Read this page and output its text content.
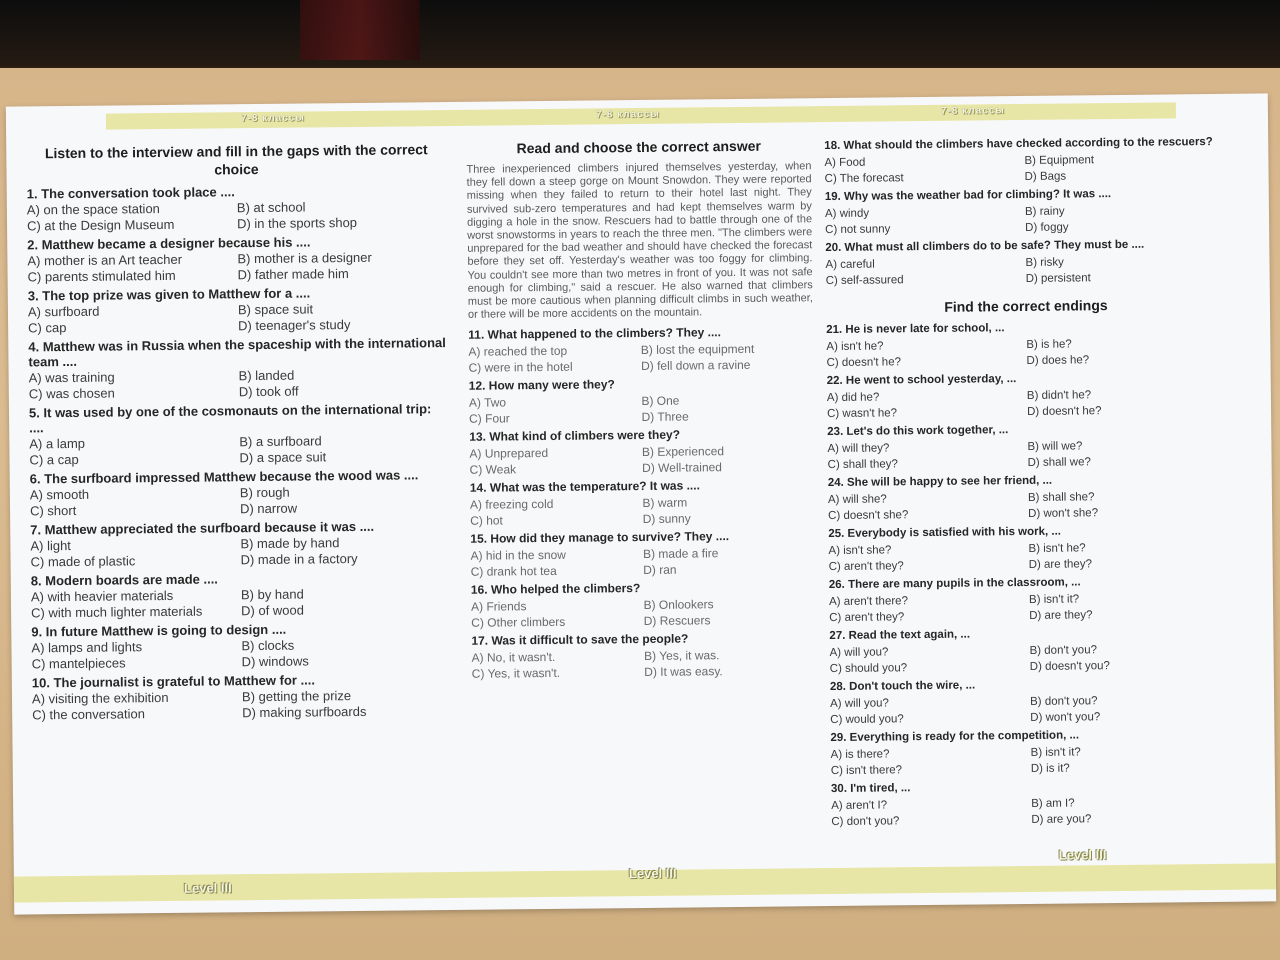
7-8 классы	7-8 классы	7-8 классы
Listen to the interview and fill in the gaps with the correct choice
1. The conversation took place ....
A) on the space station	B) at school
C) at the Design Museum	D) in the sports shop
2. Matthew became a designer because his ....
A) mother is an Art teacher	B) mother is a designer
C) parents stimulated him	D) father made him
3. The top prize was given to Matthew for a ....
A) surfboard	B) space suit
C) cap	D) teenager's study
4. Matthew was in Russia when the spaceship with the international team ....
A) was training	B) landed
C) was chosen	D) took off
5. It was used by one of the cosmonauts on the international trip: ....
A) a lamp	B) a surfboard
C) a cap	D) a space suit
6. The surfboard impressed Matthew because the wood was ....
A) smooth	B) rough
C) short	D) narrow
7. Matthew appreciated the surfboard because it was ....
A) light	B) made by hand
C) made of plastic	D) made in a factory
8. Modern boards are made ....
A) with heavier materials	B) by hand
C) with much lighter materials	D) of wood
9. In future Matthew is going to design ....
A) lamps and lights	B) clocks
C) mantelpieces	D) windows
10. The journalist is grateful to Matthew for ....
A) visiting the exhibition	B) getting the prize
C) the conversation	D) making surfboards
Read and choose the correct answer
Three inexperienced climbers injured themselves yesterday, when they fell down a steep gorge on Mount Snowdon. They were reported missing when they failed to return to their hotel last night. They survived sub-zero temperatures and had kept themselves warm by digging a hole in the snow. Rescuers had to battle through one of the worst snowstorms in years to reach the three men. "The climbers were unprepared for the bad weather and should have checked the forecast before they set off. Yesterday's weather was too foggy for climbing. You couldn't see more than two metres in front of you. It was not safe enough for climbing," said a rescuer. He also warned that climbers must be more cautious when planning difficult climbs in such weather, or there will be more accidents on the mountain.
11. What happened to the climbers? They ....
A) reached the top	B) lost the equipment
C) were in the hotel	D) fell down a ravine
12. How many were they?
A) Two	B) One
C) Four	D) Three
13. What kind of climbers were they?
A) Unprepared	B) Experienced
C) Weak	D) Well-trained
14. What was the temperature? It was ....
A) freezing cold	B) warm
C) hot	D) sunny
15. How did they manage to survive? They ....
A) hid in the snow	B) made a fire
C) drank hot tea	D) ran
16. Who helped the climbers?
A) Friends	B) Onlookers
C) Other climbers	D) Rescuers
17. Was it difficult to save the people?
A) No, it wasn't.	B) Yes, it was.
C) Yes, it wasn't.	D) It was easy.
18. What should the climbers have checked according to the rescuers?
A) Food	B) Equipment
C) The forecast	D) Bags
19. Why was the weather bad for climbing? It was ....
A) windy	B) rainy
C) not sunny	D) foggy
20. What must all climbers do to be safe? They must be ....
A) careful	B) risky
C) self-assured	D) persistent
Find the correct endings
21. He is never late for school, ...
A) isn't he?	B) is he?
C) doesn't he?	D) does he?
22. He went to school yesterday, ...
A) did he?	B) didn't he?
C) wasn't he?	D) doesn't he?
23. Let's do this work together, ...
A) will they?	B) will we?
C) shall they?	D) shall we?
24. She will be happy to see her friend, ...
A) will she?	B) shall she?
C) doesn't she?	D) won't she?
25. Everybody is satisfied with his work, ...
A) isn't she?	B) isn't he?
C) aren't they?	D) are they?
26. There are many pupils in the classroom, ...
A) aren't there?	B) isn't it?
C) aren't they?	D) are they?
27. Read the text again, ...
A) will you?	B) don't you?
C) should you?	D) doesn't you?
28. Don't touch the wire, ...
A) will you?	B) don't you?
C) would you?	D) won't you?
29. Everything is ready for the competition, ...
A) is there?	B) isn't it?
C) isn't there?	D) is it?
30. I'm tired, ...
A) aren't I?	B) am I?
C) don't you?	D) are you?
Level III
Level III
Level III
